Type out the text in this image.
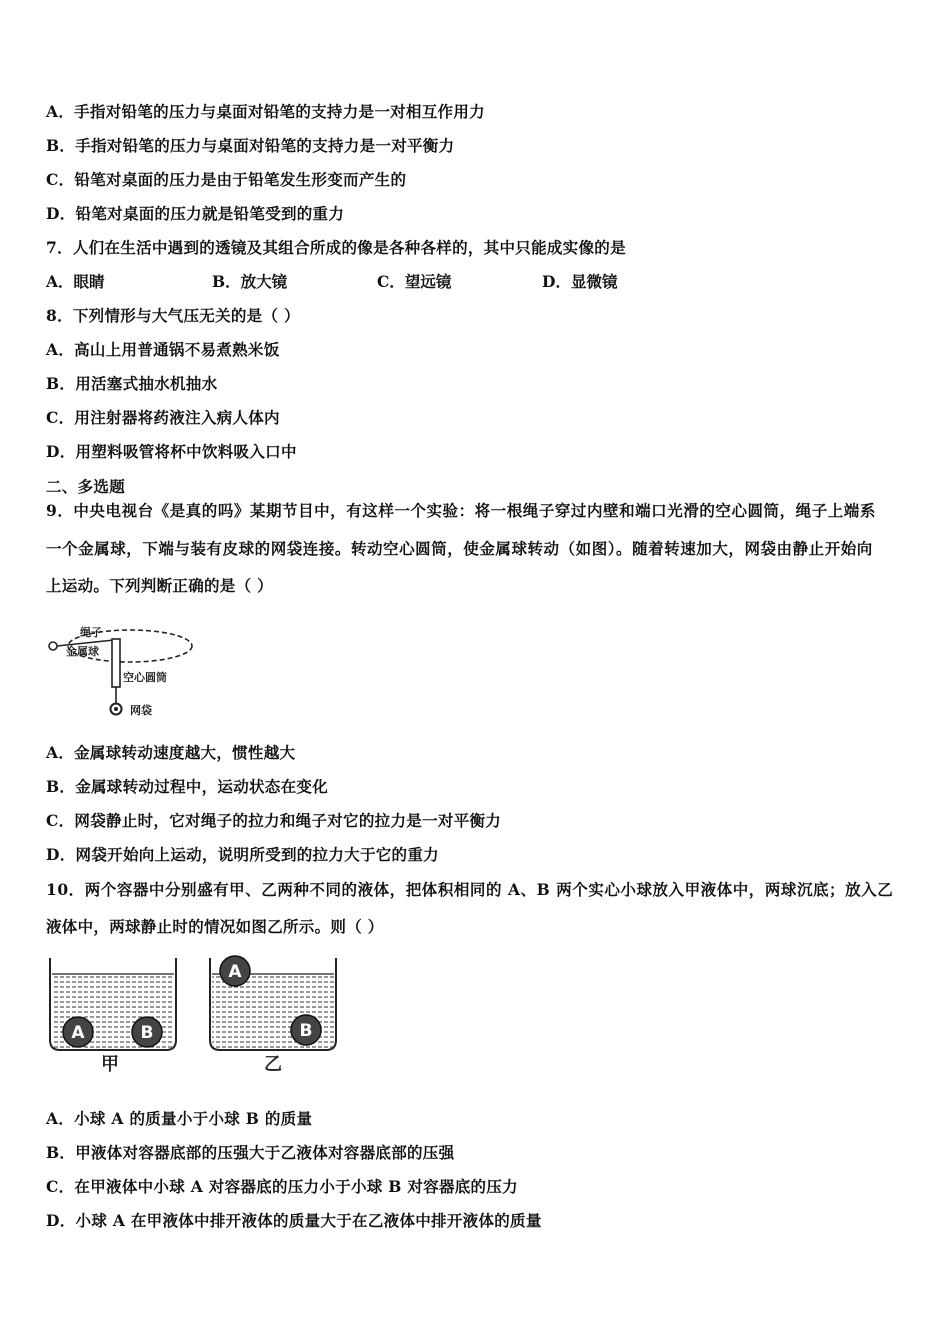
A．手指对铅笔的压力与桌面对铅笔的支持力是一对相互作用力
B．手指对铅笔的压力与桌面对铅笔的支持力是一对平衡力
C．铅笔对桌面的压力是由于铅笔发生形变而产生的
D．铅笔对桌面的压力就是铅笔受到的重力
7．人们在生活中遇到的透镜及其组合所成的像是各种各样的，其中只能成实像的是
A．眼睛	B．放大镜	C．望远镜	D．显微镜
8．下列情形与大气压无关的是（ ）
A．高山上用普通锅不易煮熟米饭
B．用活塞式抽水机抽水
C．用注射器将药液注入病人体内
D．用塑料吸管将杯中饮料吸入口中
二、多选题
9．中央电视台《是真的吗》某期节目中，有这样一个实验：将一根绳子穿过内壁和端口光滑的空心圆筒，绳子上端系
一个金属球，下端与装有皮球的网袋连接。转动空心圆筒，使金属球转动（如图）。随着转速加大，网袋由静止开始向
上运动。下列判断正确的是（ ）
绳子
金属球
空心圆筒
网袋
A．金属球转动速度越大，惯性越大
B．金属球转动过程中，运动状态在变化
C．网袋静止时，它对绳子的拉力和绳子对它的拉力是一对平衡力
D．网袋开始向上运动，说明所受到的拉力大于它的重力
10．两个容器中分别盛有甲、乙两种不同的液体，把体积相同的 A、B 两个实心小球放入甲液体中，两球沉底；放入乙
液体中，两球静止时的情况如图乙所示。则（ ）
A	B
甲
A
B
乙
A．小球 A 的质量小于小球 B 的质量
B．甲液体对容器底部的压强大于乙液体对容器底部的压强
C．在甲液体中小球 A 对容器底的压力小于小球 B 对容器底的压力
D．小球 A 在甲液体中排开液体的质量大于在乙液体中排开液体的质量
